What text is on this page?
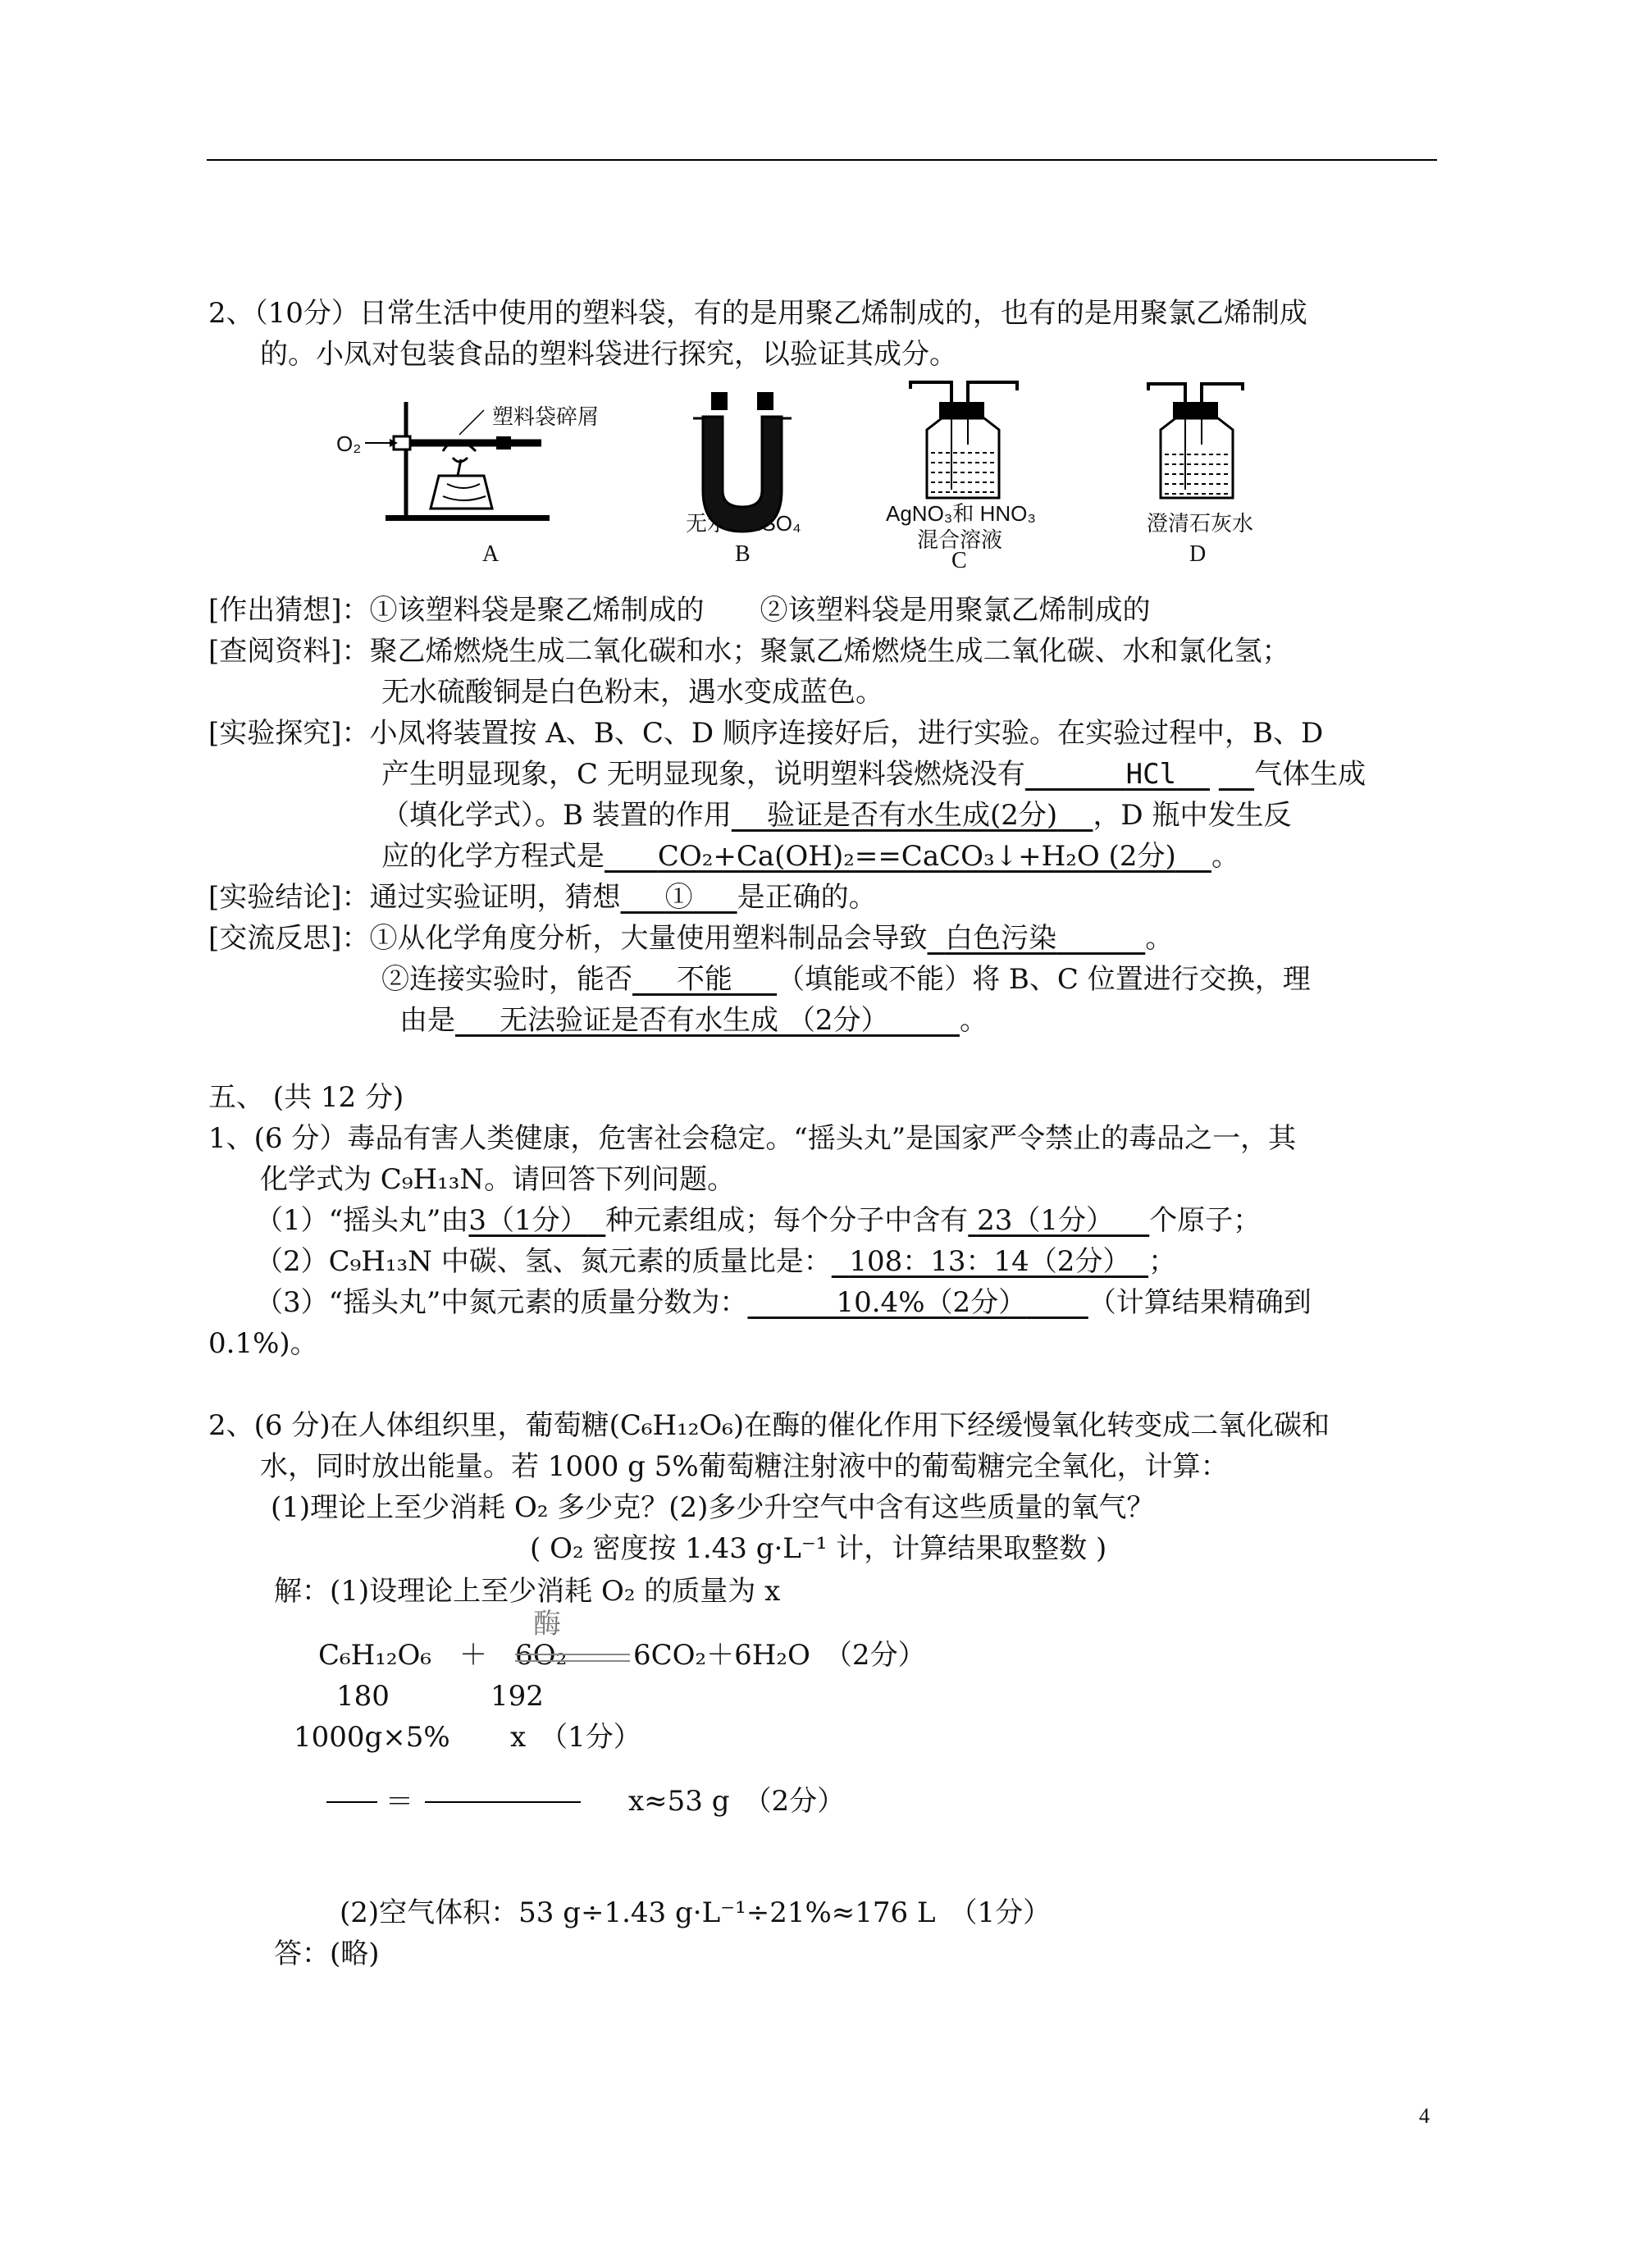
2、（10分）日常生活中使用的塑料袋，有的是用聚乙烯制成的，也有的是用聚氯乙烯制成
的。小凤对包装食品的塑料袋进行探究，以验证其成分。
O₂
塑料袋碎屑
A
无水 CuSO₄
B
AgNO₃和 HNO₃
混合溶液
C
澄清石灰水
D
[作出猜想]：①该塑料袋是聚乙烯制成的　　②该塑料袋是用聚氯乙烯制成的
[查阅资料]：聚乙烯燃烧生成二氧化碳和水；聚氯乙烯燃烧生成二氧化碳、水和氯化氢；
无水硫酸铜是白色粉末，遇水变成蓝色。
[实验探究]：小凤将装置按 A、B、C、D 顺序连接好后，进行实验。在实验过程中，B、D
产生明显现象，C 无明显现象，说明塑料袋燃烧没有	HCl	气体生成
（填化学式）。B 装置的作用 验证是否有水生成(2分) ，D 瓶中发生反
应的化学方程式是 CO₂+Ca(OH)₂==CaCO₃↓+H₂O (2分) 。
[实验结论]：通过实验证明，猜想 ① 是正确的。
[交流反思]：①从化学角度分析，大量使用塑料制品会导致 白色污染	。
②连接实验时，能否 不能 （填能或不能）将 B、C 位置进行交换，理
由是 无法验证是否有水生成 （2分）	。
五、 (共 12 分)
1、(6 分）毒品有害人类健康，危害社会稳定。“摇头丸”是国家严令禁止的毒品之一，其
化学式为 C₉H₁₃N。请回答下列问题。
（1）“摇头丸”由3（1分） 种元素组成；每个分子中含有 23（1分） 个原子；
（2）C₉H₁₃N 中碳、氢、氮元素的质量比是： 108：13：14（2分） ；
（3）“摇头丸”中氮元素的质量分数为：	10.4%（2分） （计算结果精确到
0.1%)。
2、(6 分)在人体组织里，葡萄糖(C₆H₁₂O₆)在酶的催化作用下经缓慢氧化转变成二氧化碳和
水，同时放出能量。若 1000 g 5%葡萄糖注射液中的葡萄糖完全氧化，计算：
(1)理论上至少消耗 O₂ 多少克？(2)多少升空气中含有这些质量的氧气？
( O₂ 密度按 1.43 g·L⁻¹ 计，计算结果取整数 )
解：(1)设理论上至少消耗 O₂ 的质量为 x
酶
C₆H₁₂O₆　＋　6O₂ 6CO₂＋6H₂O　（2分）
180	192
1000g×5% x　（1分）
＝	x≈53 g　（2分）
(2)空气体积：53 g÷1.43 g·L⁻¹÷21%≈176 L　（1分）
答：(略)
4
